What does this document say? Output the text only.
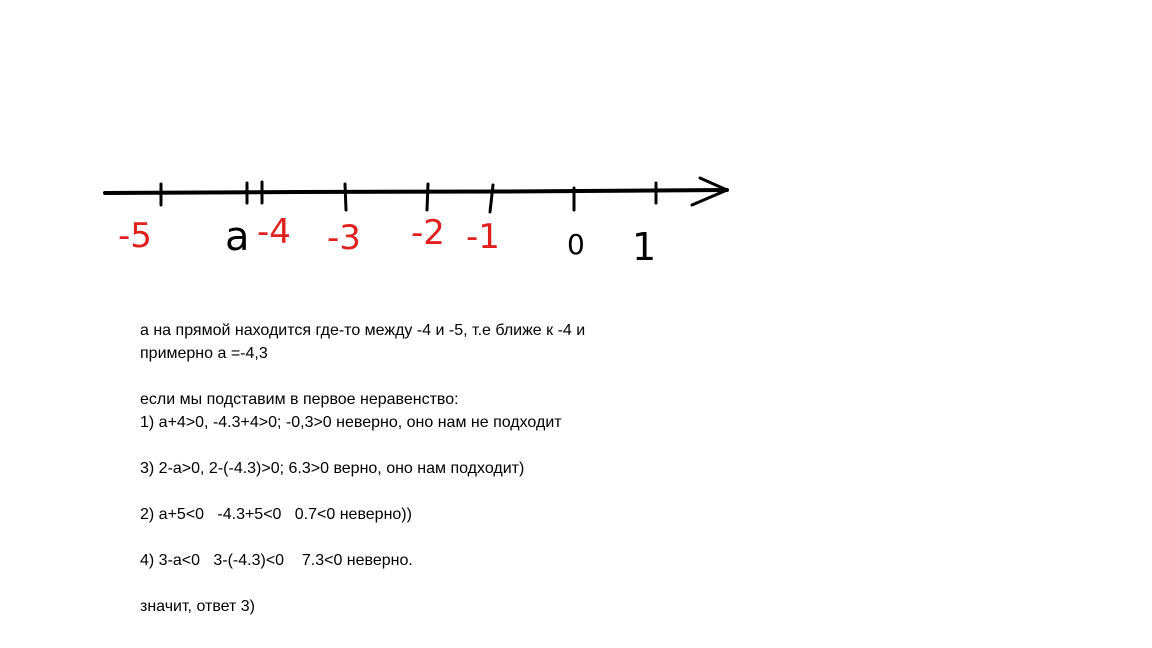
-5 a -4 -3 -2 -1 0 1
а на прямой находится где-то между -4 и -5, т.е ближе к -4 и
примерно а =-4,3
если мы подставим в первое неравенство:
1) а+4>0, -4.3+4>0; -0,3>0 неверно, оно нам не подходит
3) 2-а>0, 2-(-4.3)>0; 6.3>0 верно, оно нам подходит)
2) а+5<0   -4.3+5<0   0.7<0 неверно))
4) 3-а<0   3-(-4.3)<0    7.3<0 неверно.
значит, ответ 3)
